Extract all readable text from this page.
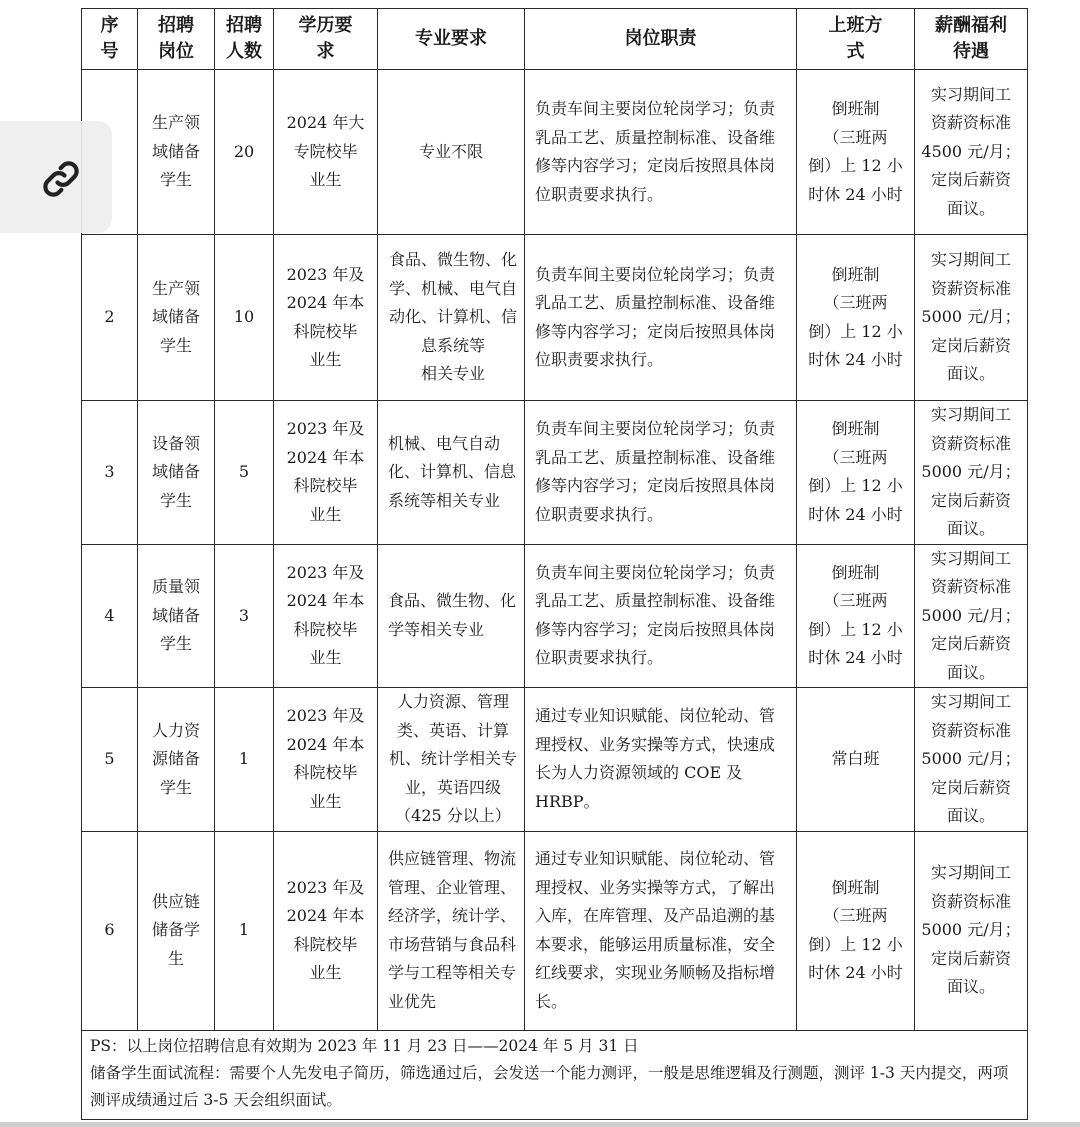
序
号	招聘
岗位	招聘
人数	学历要
求	专业要求	岗位职责	上班方
式	薪酬福利
待遇
	生产领
域储备
学生	20	2024 年大
专院校毕
业生	专业不限	负责车间主要岗位轮岗学习；负责乳品工艺、质量控制标准、设备维修等内容学习；定岗后按照具体岗位职责要求执行。	倒班制
（三班两
倒）上 12 小
时休 24 小时	实习期间工
资薪资标准
4500 元/月；
定岗后薪资
面议。
2	生产领
域储备
学生	10	2023 年及
2024 年本
科院校毕
业生	食品、微生物、化学、机械、电气自动化、计算机、信息系统等
相关专业	负责车间主要岗位轮岗学习；负责乳品工艺、质量控制标准、设备维修等内容学习；定岗后按照具体岗位职责要求执行。	倒班制
（三班两
倒）上 12 小
时休 24 小时	实习期间工
资薪资标准
5000 元/月；
定岗后薪资
面议。
3	设备领
域储备
学生	5	2023 年及
2024 年本
科院校毕
业生	机械、电气自动化、计算机、信息系统等相关专业	负责车间主要岗位轮岗学习；负责乳品工艺、质量控制标准、设备维修等内容学习；定岗后按照具体岗位职责要求执行。	倒班制
（三班两
倒）上 12 小
时休 24 小时	实习期间工
资薪资标准
5000 元/月；
定岗后薪资
面议。
4	质量领
域储备
学生	3	2023 年及
2024 年本
科院校毕
业生	食品、微生物、化学等相关专业	负责车间主要岗位轮岗学习；负责乳品工艺、质量控制标准、设备维修等内容学习；定岗后按照具体岗位职责要求执行。	倒班制
（三班两
倒）上 12 小
时休 24 小时	实习期间工
资薪资标准
5000 元/月；
定岗后薪资
面议。
5	人力资
源储备
学生	1	2023 年及
2024 年本
科院校毕
业生	人力资源、管理类、英语、计算机、统计学相关专业，英语四级
（425 分以上）	通过专业知识赋能、岗位轮动、管理授权、业务实操等方式，快速成长为人力资源领域的 COE 及 HRBP。	常白班	实习期间工
资薪资标准
5000 元/月；
定岗后薪资
面议。
6	供应链
储备学
生	1	2023 年及
2024 年本
科院校毕
业生	供应链管理、物流管理、企业管理、经济学，统计学、市场营销与食品科学与工程等相关专业优先	通过专业知识赋能、岗位轮动、管理授权、业务实操等方式，了解出入库，在库管理、及产品追溯的基本要求，能够运用质量标准，安全红线要求，实现业务顺畅及指标增长。	倒班制
（三班两
倒）上 12 小
时休 24 小时	实习期间工
资薪资标准
5000 元/月；
定岗后薪资
面议。

PS：以上岗位招聘信息有效期为 2023 年 11 月 23 日——2024 年 5 月 31 日
储备学生面试流程：需要个人先发电子简历，筛选通过后，会发送一个能力测评，一般是思维逻辑及行测题，测评 1-3 天内提交，两项测评成绩通过后 3-5 天会组织面试。							
